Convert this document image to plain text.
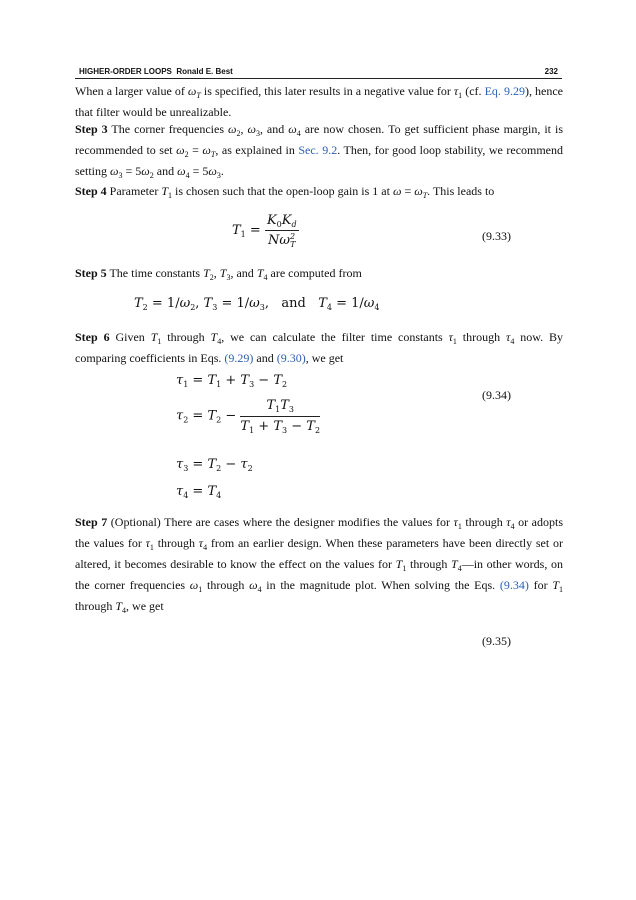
HIGHER-ORDER LOOPS Ronald E. Best	232

When a larger value of $\omega_T$ is specified, this later results in a negative value for $\tau_1$ (cf. Eq. 9.29), hence that filter would be unrealizable.

Step 3 The corner frequencies $\omega_2$, $\omega_3$, and $\omega_4$ are now chosen. To get sufficient phase margin, it is recommended to set $\omega_2 = \omega_T$, as explained in Sec. 9.2. Then, for good loop stability, we recommend setting $\omega_3 = 5\omega_2$ and $\omega_4 = 5\omega_3$.

Step 4 Parameter $T_1$ is chosen such that the open-loop gain is 1 at $\omega = \omega_T$. This leads to

$T_1 = \frac{K_0K_d}{N\omega^2_T}$	(9.33)

Step 5 The time constants $T_2$, $T_3$, and $T_4$ are computed from

$T_2 = 1/\omega_2$, $T_3 = 1/\omega_3$,   and $T_4 = 1/\omega_4$

Step 6 Given $T_1$ through $T_4$, we can calculate the filter time constants $\tau_1$ through $\tau_4$ now. By comparing coefficients in Eqs. (9.29) and (9.30), we get

$\tau_1 = T_1 + T_3 - T_2$
(9.34)
$\tau_2 = T_2 - \frac{T_1T_3}{T_1 + T_3 - T_2}$
$\tau_3 = T_2 - \tau_2$
$\tau_4 = T_4$

Step 7 (Optional) There are cases where the designer modifies the values for $\tau_1$ through $\tau_4$ or adopts the values for $\tau_1$ through $\tau_4$ from an earlier design. When these parameters have been directly set or altered, it becomes desirable to know the effect on the values for $T_1$ through $T_4—in$ other words, on the corner frequencies $\omega_1$ through $\omega_4$ in the magnitude plot. When solving the Eqs. (9.34) for $T_1$ through $T_4$, we get

(9.35)
